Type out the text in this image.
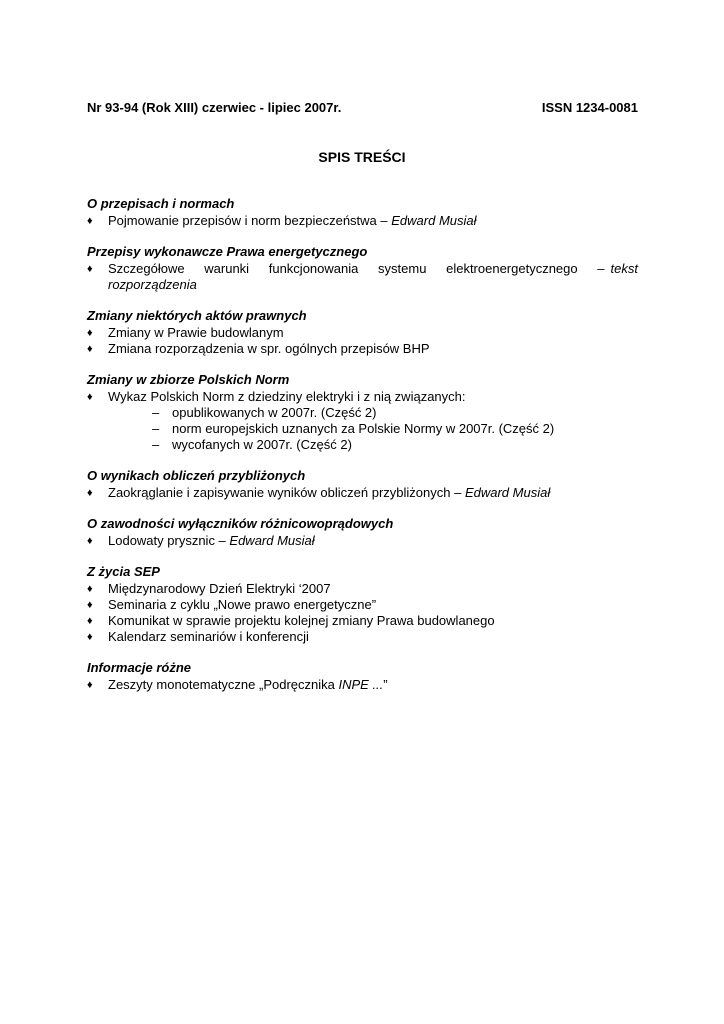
Nr 93-94 (Rok XIII) czerwiec - lipiec 2007r.	ISSN 1234-0081
SPIS TREŚCI
O przepisach i normach
♦	Pojmowanie przepisów i norm bezpieczeństwa – Edward Musiał
Przepisy wykonawcze Prawa energetycznego
♦	Szczegółowe warunki funkcjonowania systemu elektroenergetycznego – tekst
rozporządzenia
Zmiany niektórych aktów prawnych
♦	Zmiany w Prawie budowlanym
♦	Zmiana rozporządzenia w spr. ogólnych przepisów BHP
Zmiany w zbiorze Polskich Norm
♦	Wykaz Polskich Norm z dziedziny elektryki i z nią związanych:
– opublikowanych w 2007r. (Część 2)
– norm europejskich uznanych za Polskie Normy w 2007r. (Część 2)
– wycofanych w 2007r. (Część 2)
O wynikach obliczeń przybliżonych
♦	Zaokrąglanie i zapisywanie wyników obliczeń przybliżonych – Edward Musiał
O zawodności wyłączników różnicowoprądowych
♦	Lodowaty prysznic – Edward Musiał
Z życia SEP
♦	Międzynarodowy Dzień Elektryki ‘2007
♦	Seminaria z cyklu „Nowe prawo energetyczne”
♦	Komunikat w sprawie projektu kolejnej zmiany Prawa budowlanego
♦	Kalendarz seminariów i konferencji
Informacje różne
♦	Zeszyty monotematyczne „Podręcznika INPE ...”
